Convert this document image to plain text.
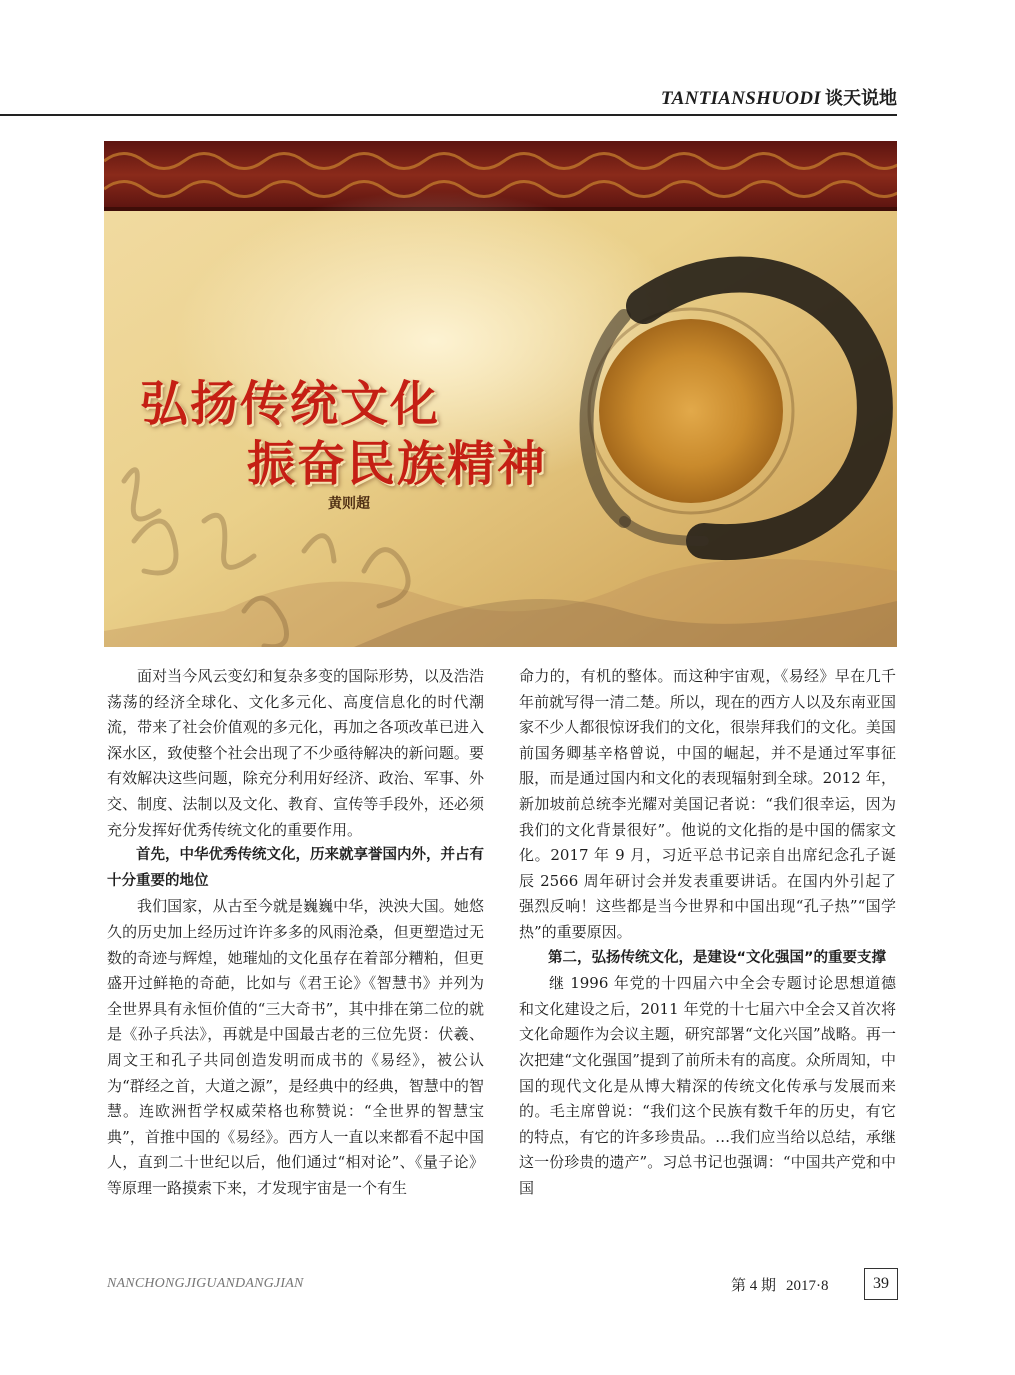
TANTIANSHUODI 谈天说地
弘扬传统文化
振奋民族精神
黄则超

面对当今风云变幻和复杂多变的国际形势，以及浩浩荡荡的经济全球化、文化多元化、高度信息化的时代潮流，带来了社会价值观的多元化，再加之各项改革已进入深水区，致使整个社会出现了不少亟待解决的新问题。要有效解决这些问题，除充分利用好经济、政治、军事、外交、制度、法制以及文化、教育、宣传等手段外，还必须充分发挥好优秀传统文化的重要作用。

首先，中华优秀传统文化，历来就享誉国内外，并占有十分重要的地位

我们国家，从古至今就是巍巍中华，泱泱大国。她悠久的历史加上经历过许许多多的风雨沧桑，但更塑造过无数的奇迹与辉煌，她璀灿的文化虽存在着部分糟粕，但更盛开过鲜艳的奇葩，比如与《君王论》《智慧书》并列为全世界具有永恒价值的“三大奇书”，其中排在第二位的就是《孙子兵法》，再就是中国最古老的三位先贤：伏羲、周文王和孔子共同创造发明而成书的《易经》，被公认为“群经之首，大道之源”，是经典中的经典，智慧中的智慧。连欧洲哲学权威荣格也称赞说：“全世界的智慧宝典”，首推中国的《易经》。西方人一直以来都看不起中国人，直到二十世纪以后，他们通过“相对论”、《量子论》等原理一路摸索下来，才发现宇宙是一个有生

命力的，有机的整体。而这种宇宙观，《易经》早在几千年前就写得一清二楚。所以，现在的西方人以及东南亚国家不少人都很惊讶我们的文化，很崇拜我们的文化。美国前国务卿基辛格曾说，中国的崛起，并不是通过军事征服，而是通过国内和文化的表现辐射到全球。2012 年，新加坡前总统李光耀对美国记者说：“我们很幸运，因为我们的文化背景很好”。他说的文化指的是中国的儒家文化。2017 年 9 月，习近平总书记亲自出席纪念孔子诞辰 2566 周年研讨会并发表重要讲话。在国内外引起了强烈反响！这些都是当今世界和中国出现“孔子热”“国学热”的重要原因。

第二，弘扬传统文化，是建设“文化强国”的重要支撑

继 1996 年党的十四届六中全会专题讨论思想道德和文化建设之后，2011 年党的十七届六中全会又首次将文化命题作为会议主题，研究部署“文化兴国”战略。再一次把建“文化强国”提到了前所未有的高度。众所周知，中国的现代文化是从博大精深的传统文化传承与发展而来的。毛主席曾说：“我们这个民族有数千年的历史，有它的特点，有它的许多珍贵品。…我们应当给以总结，承继这一份珍贵的遗产”。习总书记也强调：“中国共产党和中国

NANCHONGJIGUANDANGJIAN	第 4 期 2017·8	39
